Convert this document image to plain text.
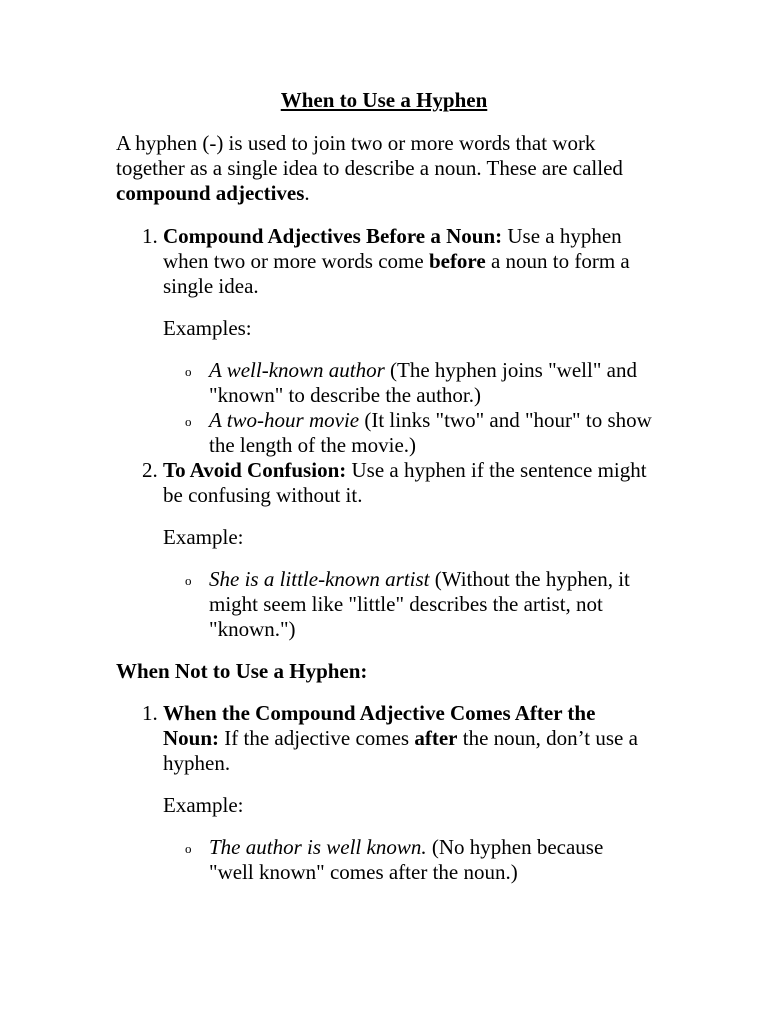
When to Use a Hyphen

A hyphen (-) is used to join two or more words that work together as a single idea to describe a noun. These are called compound adjectives.

1. Compound Adjectives Before a Noun: Use a hyphen when two or more words come before a noun to form a single idea.

Examples:

o A well-known author (The hyphen joins "well" and "known" to describe the author.)
o A two-hour movie (It links "two" and "hour" to show the length of the movie.)

2. To Avoid Confusion: Use a hyphen if the sentence might be confusing without it.

Example:

o She is a little-known artist (Without the hyphen, it might seem like "little" describes the artist, not "known.")

When Not to Use a Hyphen:

1. When the Compound Adjective Comes After the Noun: If the adjective comes after the noun, don’t use a hyphen.

Example:

o The author is well known. (No hyphen because "well known" comes after the noun.)
